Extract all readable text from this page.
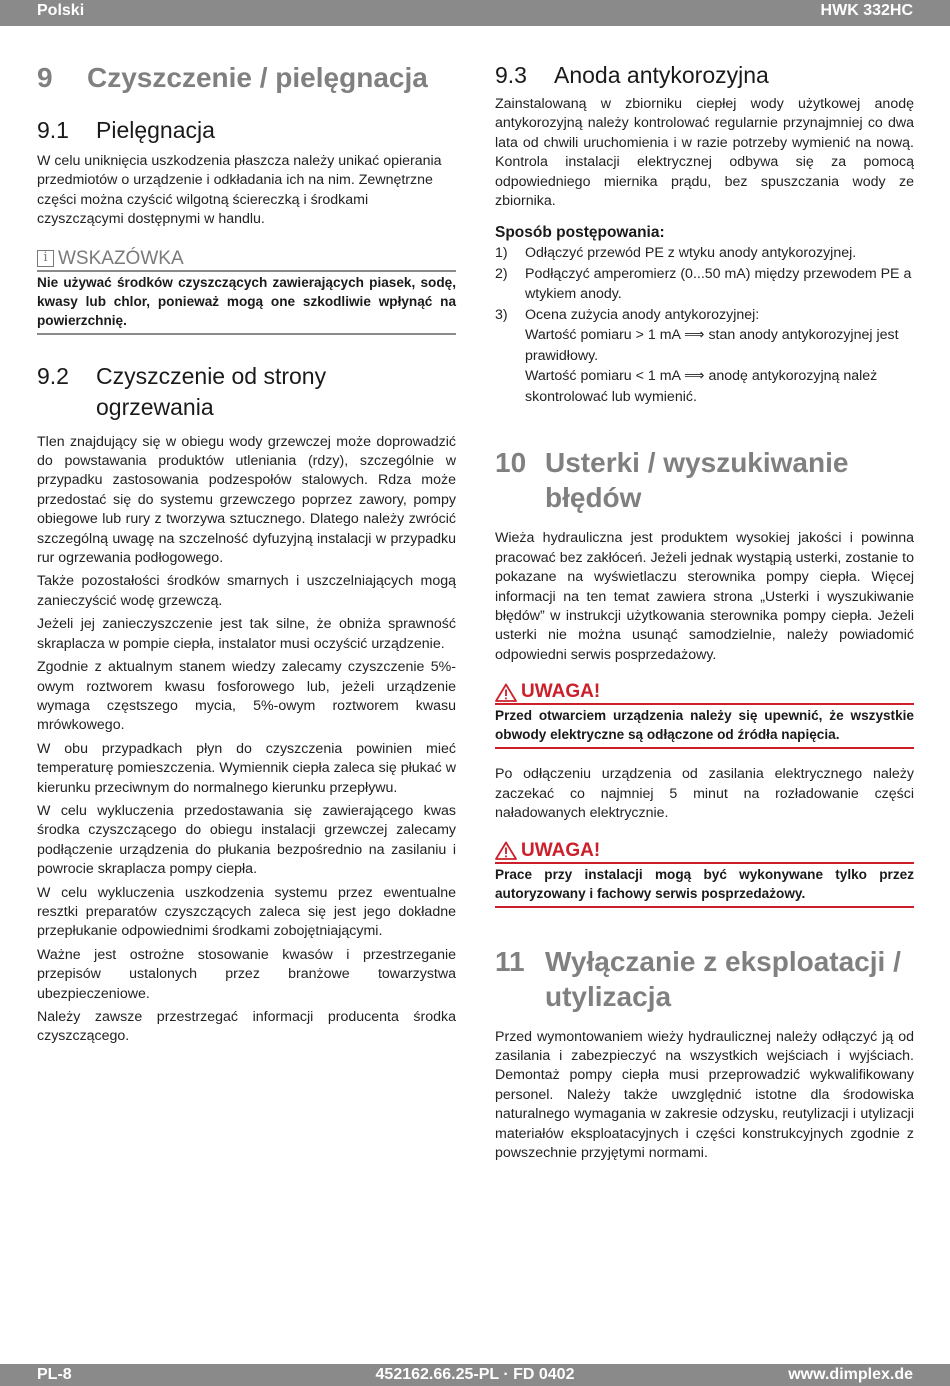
Polski	HWK 332HC
9	Czyszczenie / pielęgnacja
9.1	Pielęgnacja

W celu uniknięcia uszkodzenia płaszcza należy unikać opierania przedmiotów o urządzenie i odkładania ich na nim. Zewnętrzne części można czyścić wilgotną ściereczką i środkami czyszczącymi dostępnymi w handlu.

i WSKAZÓWKA
Nie używać środków czyszczących zawierających piasek, sodę, kwasy lub chlor, ponieważ mogą one szkodliwie wpłynąć na powierzchnię.
9.2	Czyszczenie od strony
ogrzewania

Tlen znajdujący się w obiegu wody grzewczej może doprowadzić do powstawania produktów utleniania (rdzy), szczególnie w przypadku zastosowania podzespołów stalowych. Rdza może przedostać się do systemu grzewczego poprzez zawory, pompy obiegowe lub rury z tworzywa sztucznego. Dlatego należy zwrócić szczególną uwagę na szczelność dyfuzyjną instalacji w przypadku rur ogrzewania podłogowego.

Także pozostałości środków smarnych i uszczelniających mogą zanieczyścić wodę grzewczą.

Jeżeli jej zanieczyszczenie jest tak silne, że obniża sprawność skraplacza w pompie ciepła, instalator musi oczyścić urządzenie.

Zgodnie z aktualnym stanem wiedzy zalecamy czyszczenie 5%-owym roztworem kwasu fosforowego lub, jeżeli urządzenie wymaga częstszego mycia, 5%-owym roztworem kwasu mrówkowego.

W obu przypadkach płyn do czyszczenia powinien mieć temperaturę pomieszczenia. Wymiennik ciepła zaleca się płukać w kierunku przeciwnym do normalnego kierunku przepływu.

W celu wykluczenia przedostawania się zawierającego kwas środka czyszczącego do obiegu instalacji grzewczej zalecamy podłączenie urządzenia do płukania bezpośrednio na zasilaniu i powrocie skraplacza pompy ciepła.

W celu wykluczenia uszkodzenia systemu przez ewentualne resztki preparatów czyszczących zaleca się jest jego dokładne przepłukanie odpowiednimi środkami zobojętniającymi.

Ważne jest ostrożne stosowanie kwasów i przestrzeganie przepisów ustalonych przez branżowe towarzystwa ubezpieczeniowe.

Należy zawsze przestrzegać informacji producenta środka czyszczącego.

9.3	Anoda antykorozyjna

Zainstalowaną w zbiorniku ciepłej wody użytkowej anodę antykorozyjną należy kontrolować regularnie przynajmniej co dwa lata od chwili uruchomienia i w razie potrzeby wymienić na nową. Kontrola instalacji elektrycznej odbywa się za pomocą odpowiedniego miernika prądu, bez spuszczania wody ze zbiornika.

Sposób postępowania:
1)	Odłączyć przewód PE z wtyku anody antykorozyjnej.
2)	Podłączyć amperomierz (0...50 mA) między przewodem PE a wtykiem anody.
3)	Ocena zużycia anody antykorozyjnej:
Wartość pomiaru > 1 mA ⟹ stan anody antykorozyjnej jest prawidłowy.
Wartość pomiaru < 1 mA ⟹ anodę antykorozyjną należ skontrolować lub wymienić.
10 Usterki / wyszukiwanie
błędów

Wieża hydrauliczna jest produktem wysokiej jakości i powinna pracować bez zakłóceń. Jeżeli jednak wystąpią usterki, zostanie to pokazane na wyświetlaczu sterownika pompy ciepła. Więcej informacji na ten temat zawiera strona „Usterki i wyszukiwanie błędów” w instrukcji użytkowania sterownika pompy ciepła. Jeżeli usterki nie można usunąć samodzielnie, należy powiadomić odpowiedni serwis posprzedażowy.

UWAGA!
Przed otwarciem urządzenia należy się upewnić, że wszystkie obwody elektryczne są odłączone od źródła napięcia.

Po odłączeniu urządzenia od zasilania elektrycznego należy zaczekać co najmniej 5 minut na rozładowanie części naładowanych elektrycznie.

UWAGA!
Prace przy instalacji mogą być wykonywane tylko przez autoryzowany i fachowy serwis posprzedażowy.
11 Wyłączanie z eksploatacji /
utylizacja

Przed wymontowaniem wieży hydraulicznej należy odłączyć ją od zasilania i zabezpieczyć na wszystkich wejściach i wyjściach. Demontaż pompy ciepła musi przeprowadzić wykwalifikowany personel. Należy także uwzględnić istotne dla środowiska naturalnego wymagania w zakresie odzysku, reutylizacji i utylizacji materiałów eksploatacyjnych i części konstrukcyjnych zgodnie z powszechnie przyjętymi normami.

PL-8	452162.66.25-PL · FD 0402	www.dimplex.de
